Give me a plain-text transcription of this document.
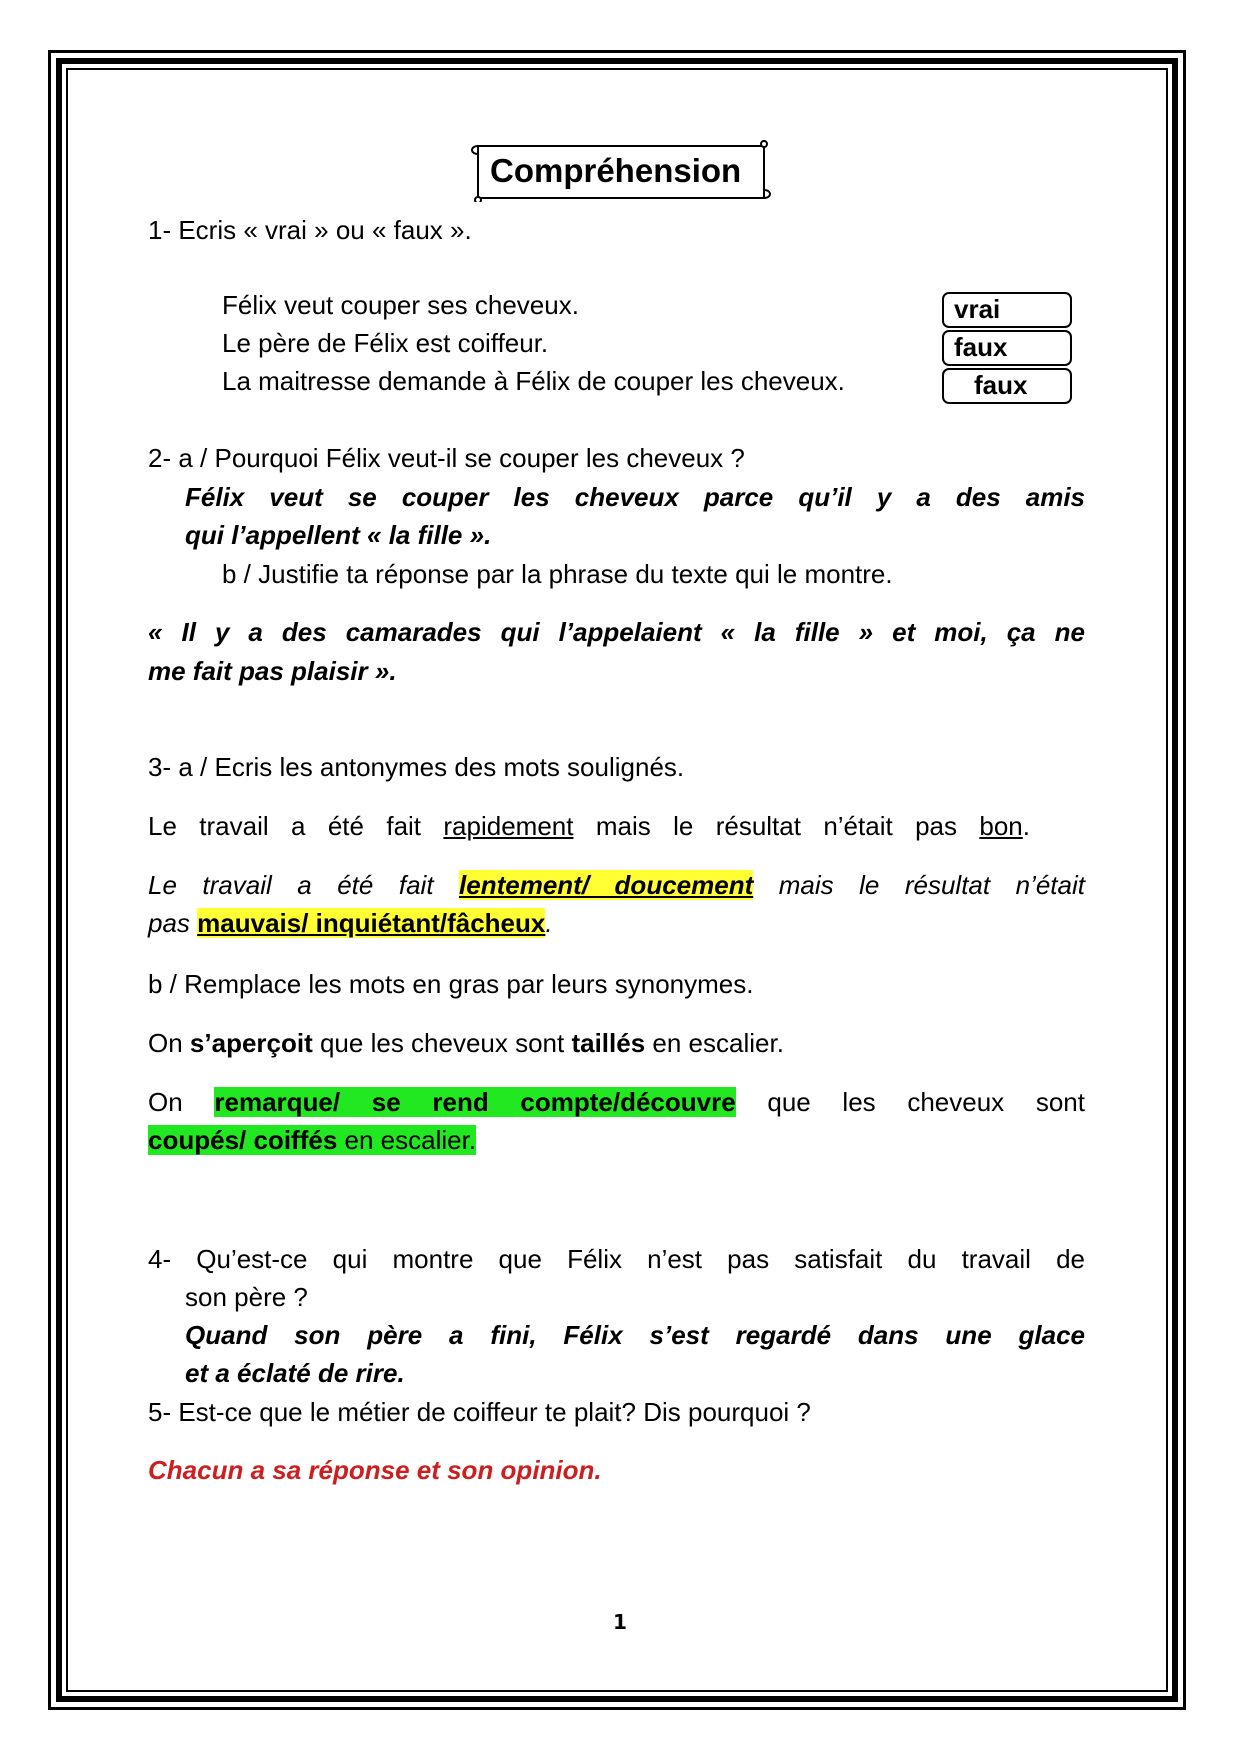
Compréhension
1- Ecris « vrai » ou « faux ».
Félix veut couper ses cheveux.	vrai
Le père de Félix est coiffeur.	faux
La maitresse demande à Félix de couper les cheveux.	faux
2- a / Pourquoi Félix veut-il se couper les cheveux ?
Félix veut se couper les cheveux parce qu’il y a des amis
qui l’appellent « la fille ».
b / Justifie ta réponse par la phrase du texte qui le montre.
« Il y a des camarades qui l’appelaient « la fille » et moi, ça ne
me fait pas plaisir ».
3- a / Ecris les antonymes des mots soulignés.
Le travail a été fait rapidement mais le résultat n’était pas bon.
Le travail a été fait lentement/ doucement mais le résultat n’était
pas mauvais/ inquiétant/fâcheux.
b / Remplace les mots en gras par leurs synonymes.
On s’aperçoit que les cheveux sont taillés en escalier.
On remarque/ se rend compte/découvre que les cheveux sont
coupés/ coiffés en escalier.
4- Qu’est-ce qui montre que Félix n’est pas satisfait du travail de
son père ?
Quand son père a fini, Félix s’est regardé dans une glace
et a éclaté de rire.
5- Est-ce que le métier de coiffeur te plait? Dis pourquoi ?
Chacun a sa réponse et son opinion.
1
